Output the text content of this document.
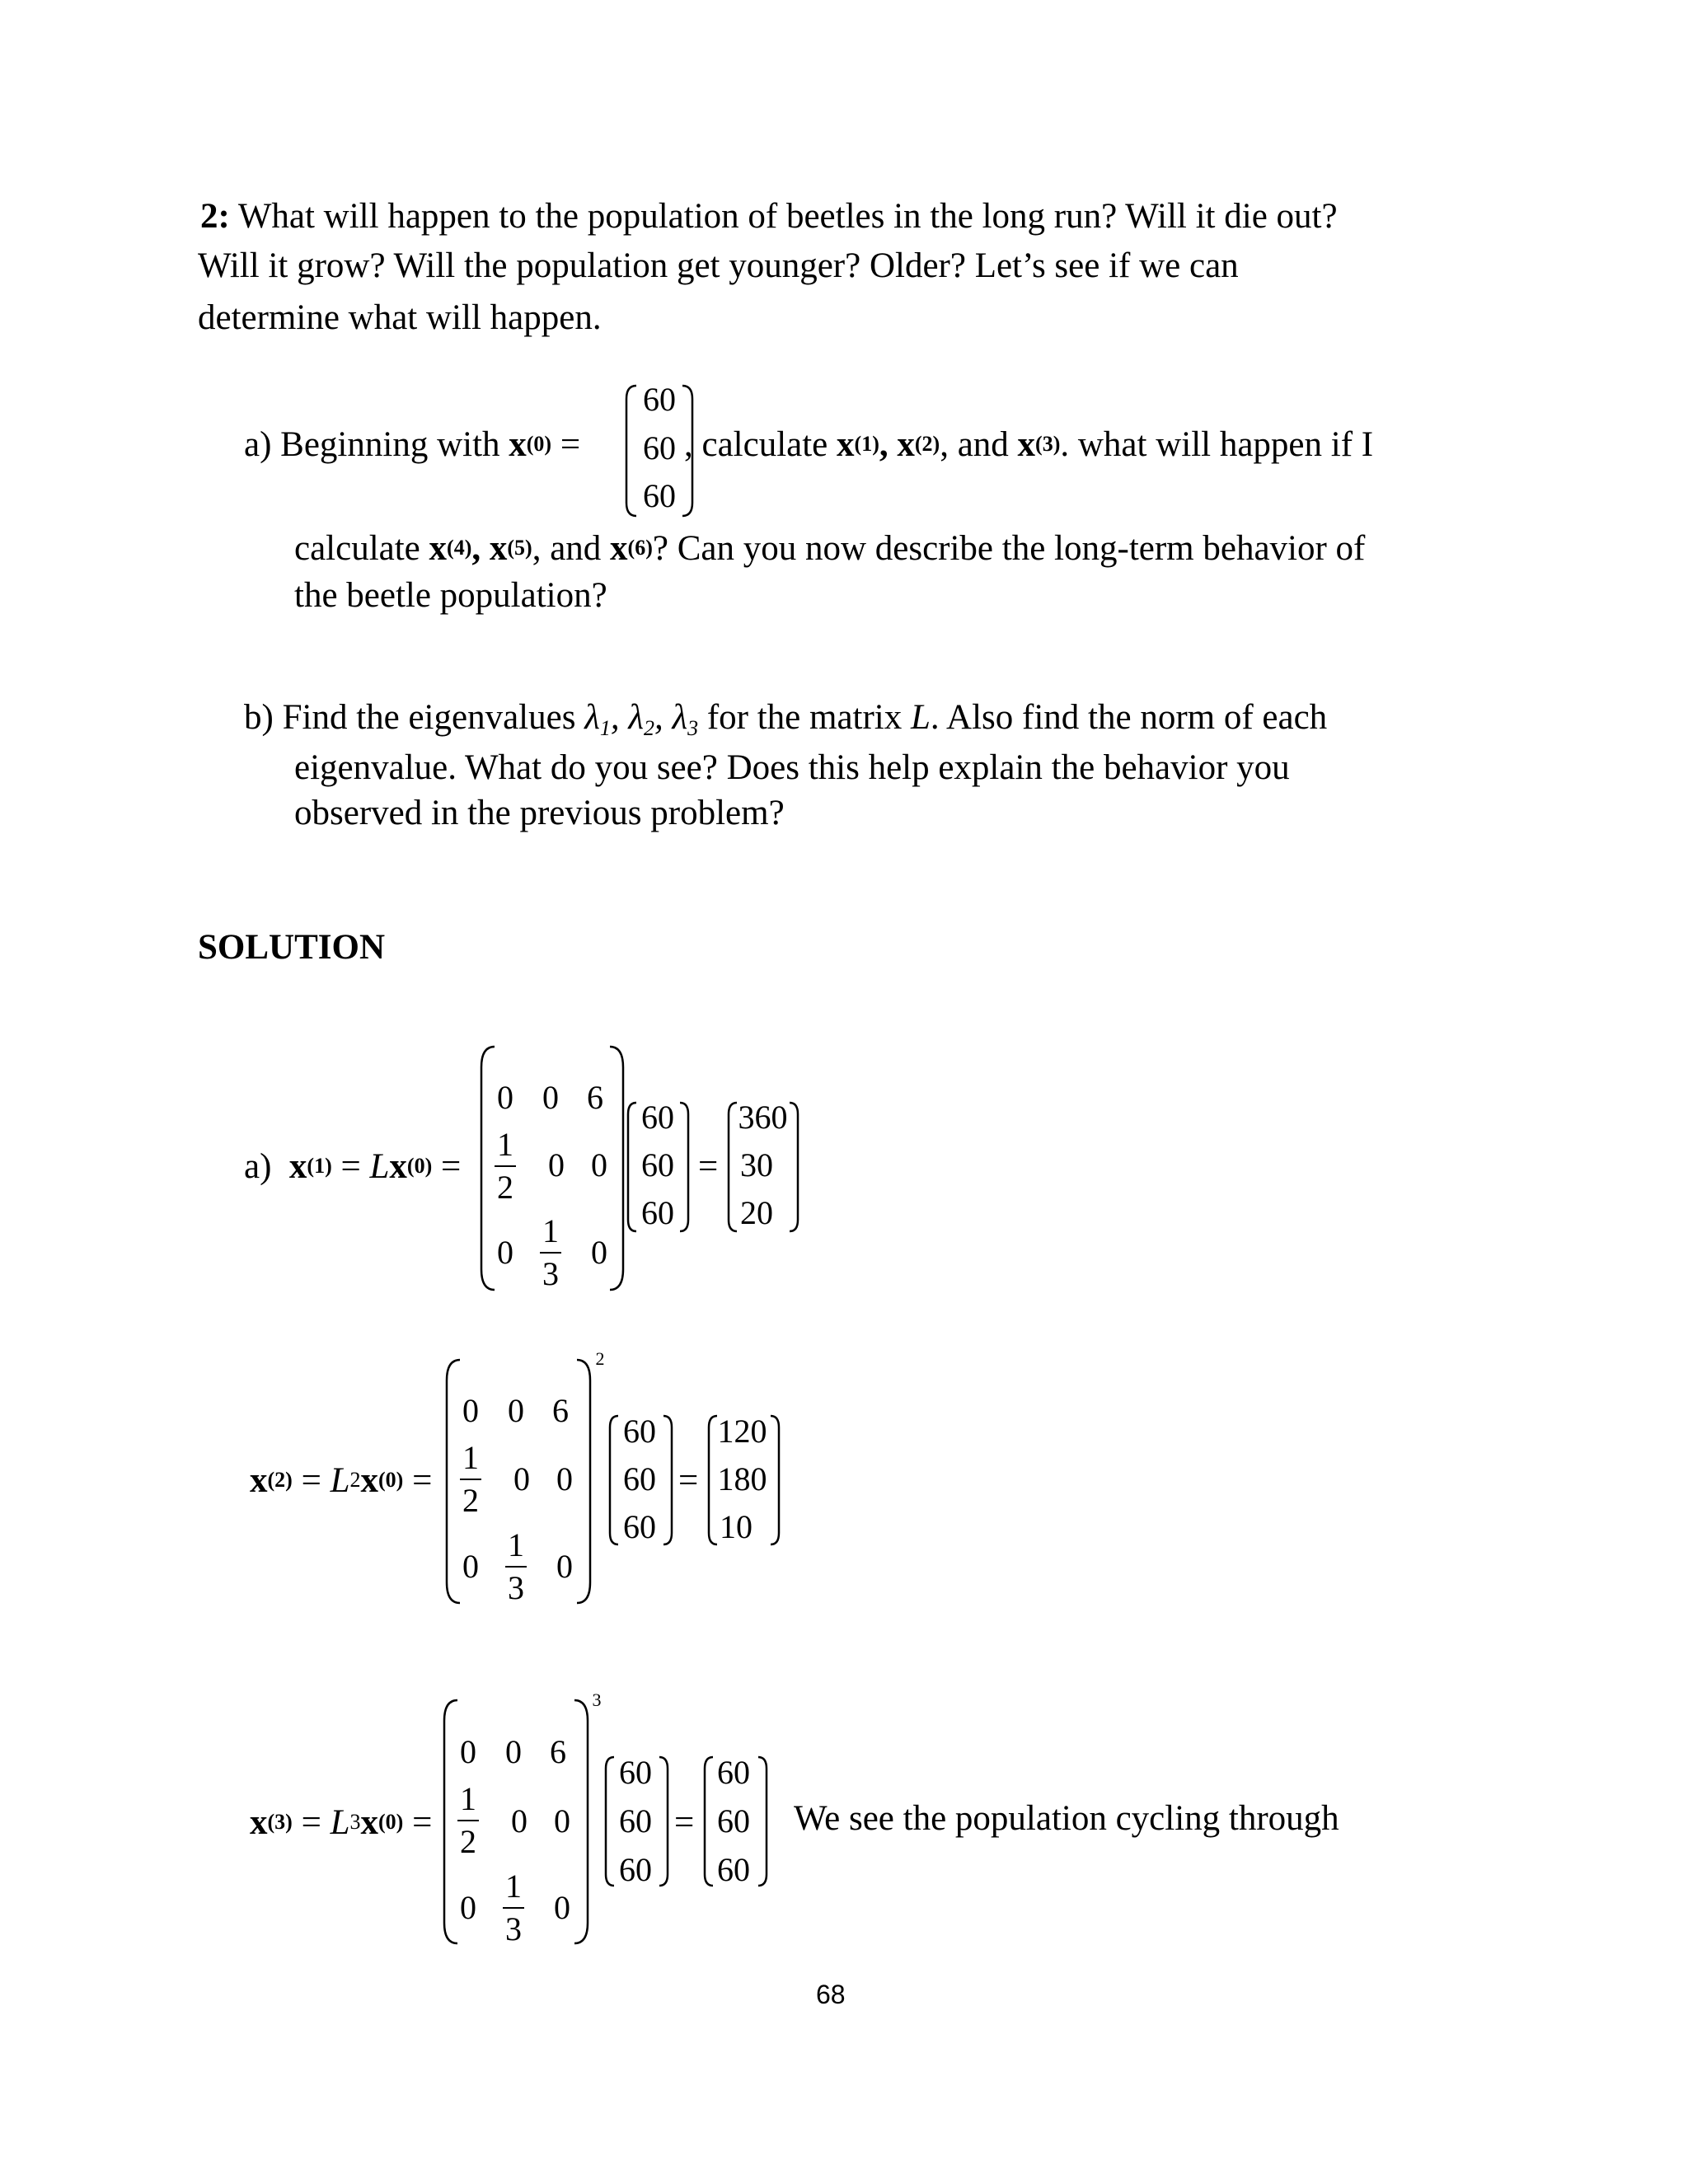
2: What will happen to the population of beetles in the long run? Will it die out?
Will it grow? Will the population get younger? Older? Let’s see if we can
determine what will happen.
a) Beginning with $x^{(0)}$ =
60
60
60
, calculate $x^{(1)}$, $x^{(2)}$, and $x^{(3)}$. what will happen if I
calculate $x^{(4)}$, $x^{(5)}$, and $x^{(6)}$? Can you now describe the long-term behavior of
the beetle population?
b) Find the eigenvalues $\lambda_1$, $\lambda_2$, $\lambda_3$ for the matrix L. Also find the norm of each
eigenvalue. What do you see? Does this help explain the behavior you
observed in the previous problem?
SOLUTION
a) $x^{(1)} = Lx^{(0)}$ =
0 0 6
1
2
0 0
0
1
3
0
60
60
60
=
360
30
20
$x^{(2)} = L^2x^{(0)}$ =
2
0 0 6
1
2
0 0
0
1
3
0
60
60
60
=
120
180
10
$x^{(3)} = L^3x^{(0)}$ =
3
0 0 6
1
2
0 0
0
1
3
0
60
60
60
=
60
60
60
We see the population cycling through
68
